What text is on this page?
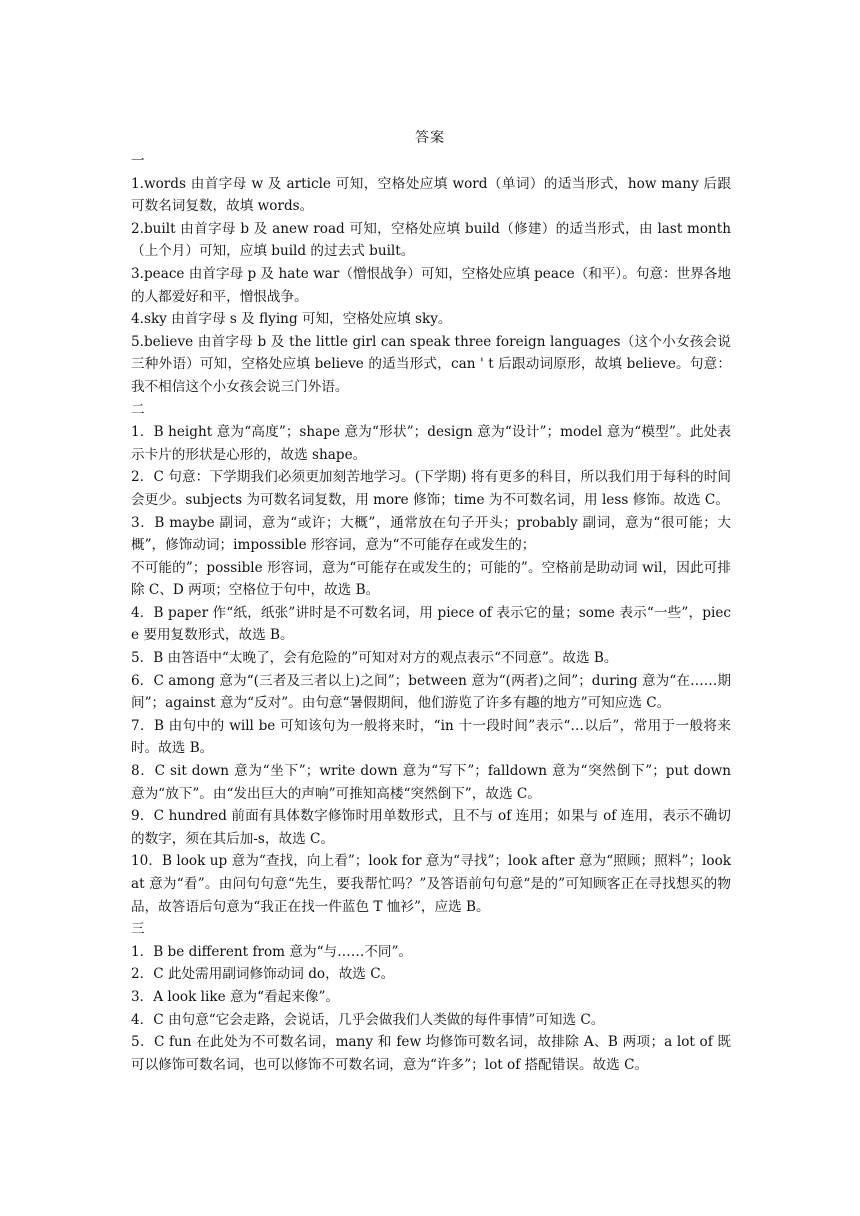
答案

一

1.words 由首字母 w 及 article 可知，空格处应填 word（单词）的适当形式，how many 后跟可数名词复数，故填 words。

2.built 由首字母 b 及 anew road 可知，空格处应填 build（修建）的适当形式，由 last month（上个月）可知，应填 build 的过去式 built。

3.peace 由首字母 p 及 hate war（憎恨战争）可知，空格处应填 peace（和平）。句意：世界各地的人都爱好和平，憎恨战争。

4.sky 由首字母 s 及 flying 可知，空格处应填 sky。

5.believe 由首字母 b 及 the little girl can speak three foreign languages（这个小女孩会说三种外语）可知，空格处应填 believe 的适当形式，can ' t 后跟动词原形，故填 believe。句意：我不相信这个小女孩会说三门外语。

二

1．B height 意为“高度”；shape 意为“形状”；design 意为“设计”；model 意为“模型”。此处表示卡片的形状是心形的，故选 shape。

2．C 句意：下学期我们必须更加刻苦地学习。(下学期) 将有更多的科目，所以我们用于每科的时间会更少。subjects 为可数名词复数，用 more 修饰；time 为不可数名词，用 less 修饰。故选 C。

3．B maybe 副词，意为“或许；大概”，通常放在句子开头；probably 副词，意为“很可能；大概”，修饰动词；impossible 形容词，意为“不可能存在或发生的；

不可能的”；possible 形容词，意为“可能存在或发生的；可能的”。空格前是助动词 wil，因此可排除 C、D 两项；空格位于句中，故选 B。

4．B paper 作“纸，纸张”讲时是不可数名词，用 piece of 表示它的量；some 表示“一些”，piece 要用复数形式，故选 B。

5．B 由答语中“太晚了，会有危险的”可知对对方的观点表示“不同意”。故选 B。

6．C among 意为“(三者及三者以上)之间”；between 意为“(两者)之间”；during 意为“在……期间”；against 意为“反对”。由句意“暑假期间，他们游览了许多有趣的地方”可知应选 C。

7．B 由句中的 will be 可知该句为一般将来时，“in 十一段时间”表示“…以后”，常用于一般将来时。故选 B。

8．C sit down 意为“坐下”；write down 意为“写下”；falldown 意为“突然倒下”；put down 意为“放下”。由“发出巨大的声响”可推知高楼“突然倒下”，故选 C。

9．C hundred 前面有具体数字修饰时用单数形式，且不与 of 连用；如果与 of 连用，表示不确切的数字，须在其后加-s，故选 C。

10．B look up 意为“查找，向上看”；look for 意为“寻找”；look after 意为“照顾；照料”；look at 意为“看”。由问句句意“先生，要我帮忙吗？”及答语前句句意“是的”可知顾客正在寻找想买的物品，故答语后句意为“我正在找一件蓝色 T 恤衫”，应选 B。

三

1．B be different from 意为“与……不同”。

2．C 此处需用副词修饰动词 do，故选 C。

3．A look like 意为“看起来像”。

4．C 由句意“它会走路，会说话，几乎会做我们人类做的每件事情”可知选 C。

5．C fun 在此处为不可数名词，many 和 few 均修饰可数名词，故排除 A、B 两项；a lot of 既可以修饰可数名词，也可以修饰不可数名词，意为“许多”；lot of 搭配错误。故选 C。
